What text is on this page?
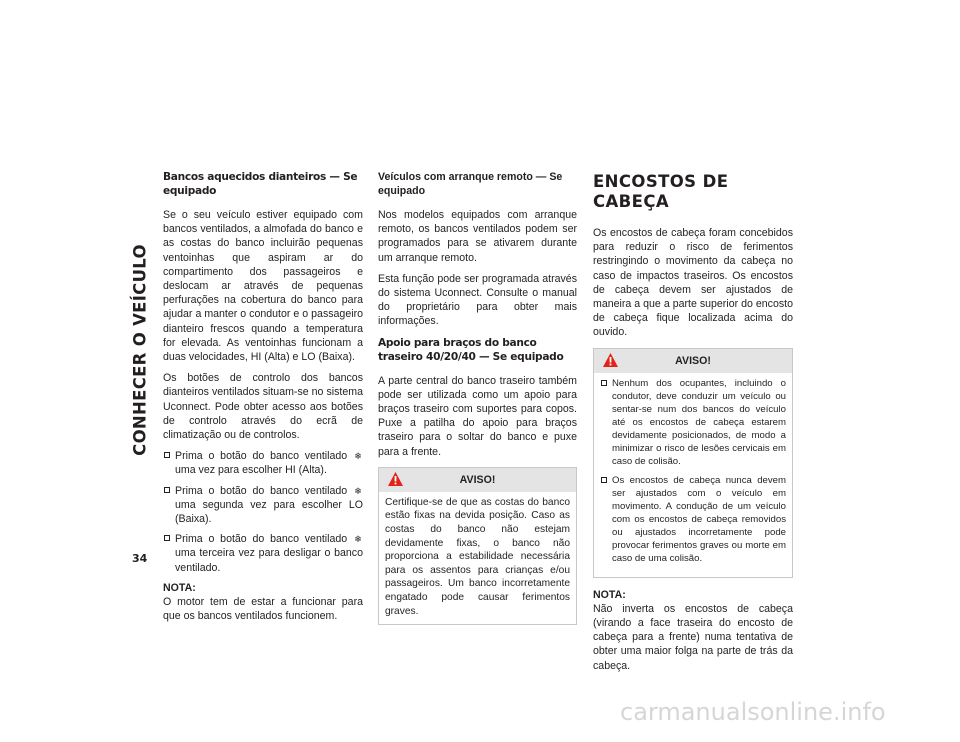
CONHECER O VEÍCULO
34
Bancos aquecidos dianteiros — Se equipado

Se o seu veículo estiver equipado com bancos ventilados, a almofada do banco e as costas do banco incluirão pequenas ventoinhas que aspiram ar do compartimento dos passageiros e deslocam ar através de pequenas perfurações na cobertura do banco para ajudar a manter o condutor e o passageiro dianteiro frescos quando a temperatura for elevada. As ventoinhas funcionam a duas velocidades, HI (Alta) e LO (Baixa).

Os botões de controlo dos bancos dianteiros ventilados situam-se no sistema Uconnect. Pode obter acesso aos botões de controlo através do ecrã de climatização ou de controlos.

Prima o botão do banco ventilado ❄ uma vez para escolher HI (Alta).
Prima o botão do banco ventilado ❄ uma segunda vez para escolher LO (Baixa).
Prima o botão do banco ventilado ❄ uma terceira vez para desligar o banco ventilado.

NOTA:
O motor tem de estar a funcionar para que os bancos ventilados funcionem.

Veículos com arranque remoto — Se equipado

Nos modelos equipados com arranque remoto, os bancos ventilados podem ser programados para se ativarem durante um arranque remoto.

Esta função pode ser programada através do sistema Uconnect. Consulte o manual do proprietário para obter mais informações.

Apoio para braços do banco traseiro 40/20/40 — Se equipado

A parte central do banco traseiro também pode ser utilizada como um apoio para braços traseiro com suportes para copos. Puxe a patilha do apoio para braços traseiro para o soltar do banco e puxe para a frente.

AVISO!

Certifique-se de que as costas do banco estão fixas na devida posição. Caso as costas do banco não estejam devidamente fixas, o banco não proporciona a estabilidade necessária para os assentos para crianças e/ou passageiros. Um banco incorretamente engatado pode causar ferimentos graves.

ENCOSTOS DE CABEÇA

Os encostos de cabeça foram concebidos para reduzir o risco de ferimentos restringindo o movimento da cabeça no caso de impactos traseiros. Os encostos de cabeça devem ser ajustados de maneira a que a parte superior do encosto de cabeça fique localizada acima do ouvido.

AVISO!
Nenhum dos ocupantes, incluindo o condutor, deve conduzir um veículo ou sentar-se num dos bancos do veículo até os encostos de cabeça estarem devidamente posicionados, de modo a minimizar o risco de lesões cervicais em caso de colisão.
Os encostos de cabeça nunca devem ser ajustados com o veículo em movimento. A condução de um veículo com os encostos de cabeça removidos ou ajustados incorretamente pode provocar ferimentos graves ou morte em caso de uma colisão.

NOTA:
Não inverta os encostos de cabeça (virando a face traseira do encosto de cabeça para a frente) numa tentativa de obter uma maior folga na parte de trás da cabeça.

carmanualsonline.info
